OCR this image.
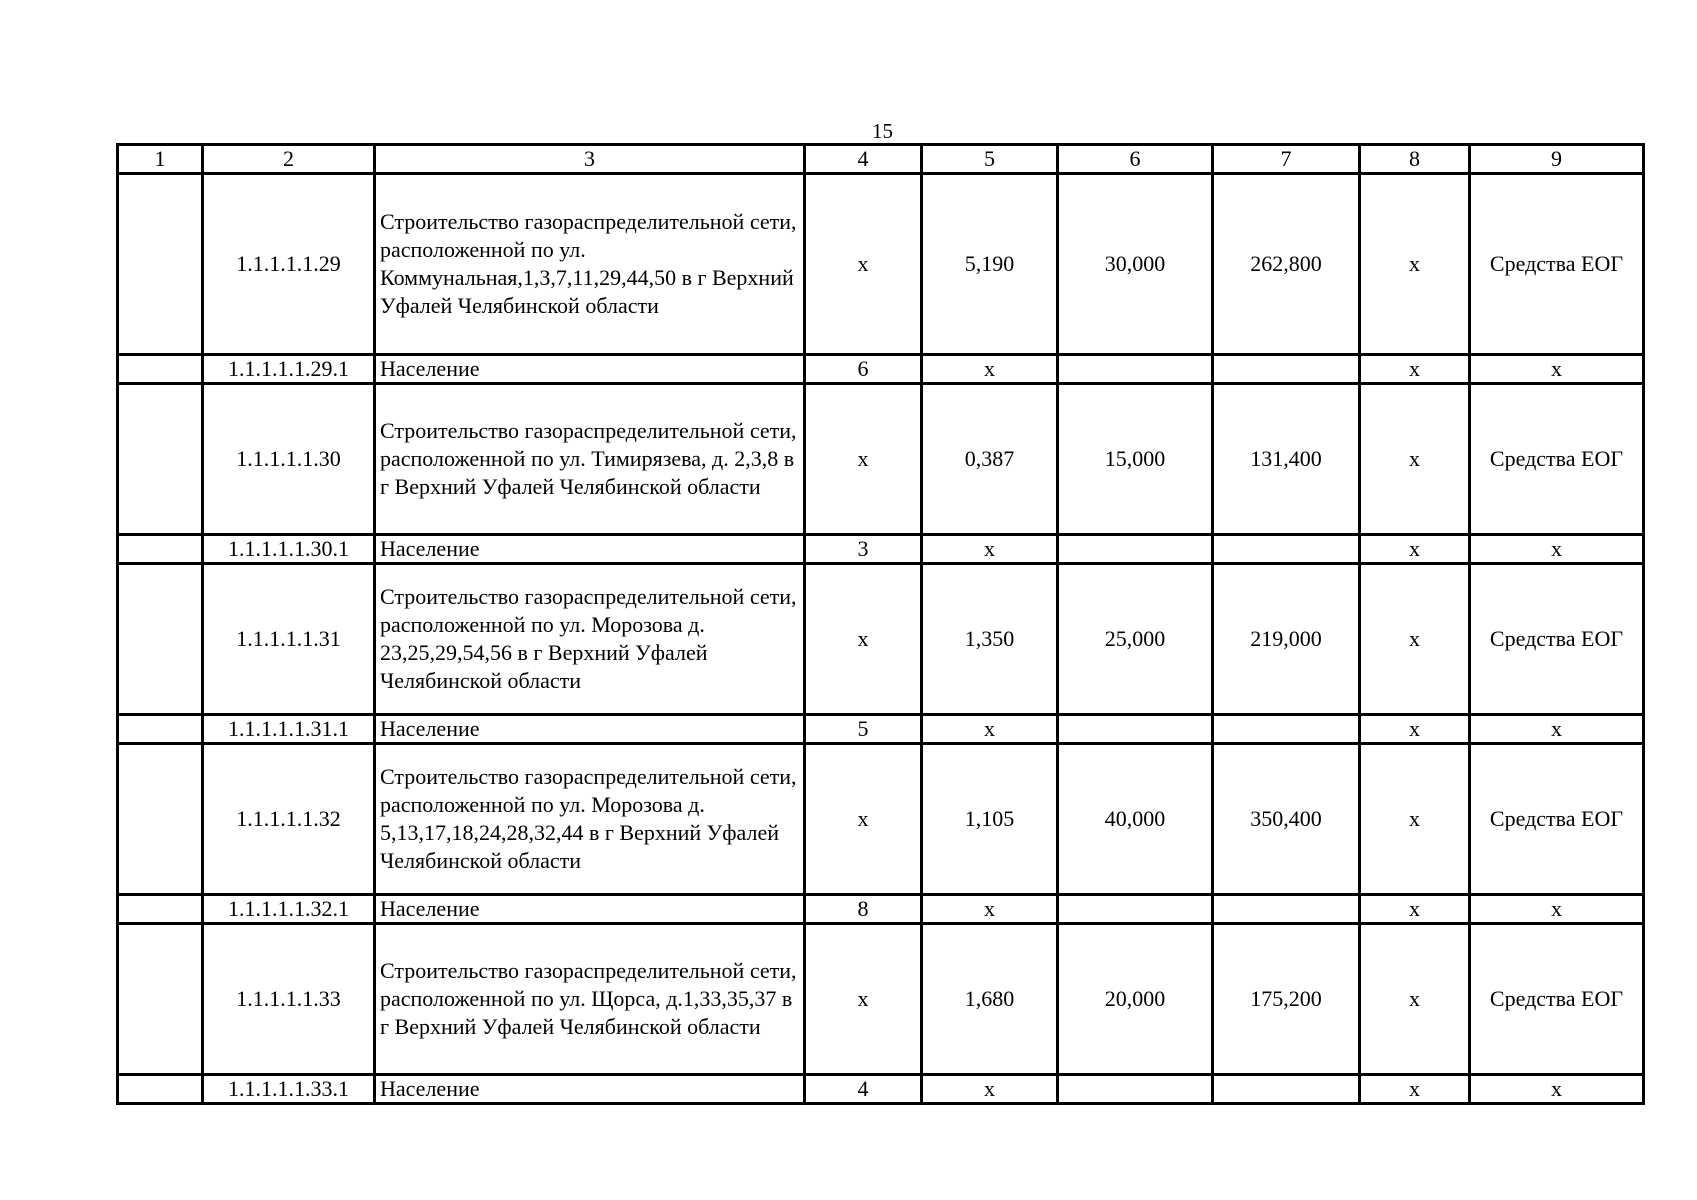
15
1	2	3	4	5	6	7	8	9
	1.1.1.1.1.29	Строительство газораспределительной сети, расположенной по ул. Коммунальная,1,3,7,11,29,44,50 в г Верхний Уфалей Челябинской области	х	5,190	30,000	262,800	х	Средства ЕОГ
	1.1.1.1.1.29.1	Население	6	х			х	х
	1.1.1.1.1.30	Строительство газораспределительной сети, расположенной по ул. Тимирязева, д. 2,3,8 в г Верхний Уфалей Челябинской области	х	0,387	15,000	131,400	х	Средства ЕОГ
	1.1.1.1.1.30.1	Население	3	х			х	х
	1.1.1.1.1.31	Строительство газораспределительной сети, расположенной по ул. Морозова д. 23,25,29,54,56 в г Верхний Уфалей Челябинской области	х	1,350	25,000	219,000	х	Средства ЕОГ
	1.1.1.1.1.31.1	Население	5	х			х	х
	1.1.1.1.1.32	Строительство газораспределительной сети, расположенной по ул. Морозова д. 5,13,17,18,24,28,32,44 в г Верхний Уфалей Челябинской области	х	1,105	40,000	350,400	х	Средства ЕОГ
	1.1.1.1.1.32.1	Население	8	х			х	х
	1.1.1.1.1.33	Строительство газораспределительной сети, расположенной по ул. Щорса, д.1,33,35,37 в г Верхний Уфалей Челябинской области	х	1,680	20,000	175,200	х	Средства ЕОГ
	1.1.1.1.1.33.1	Население	4	х			х	х
